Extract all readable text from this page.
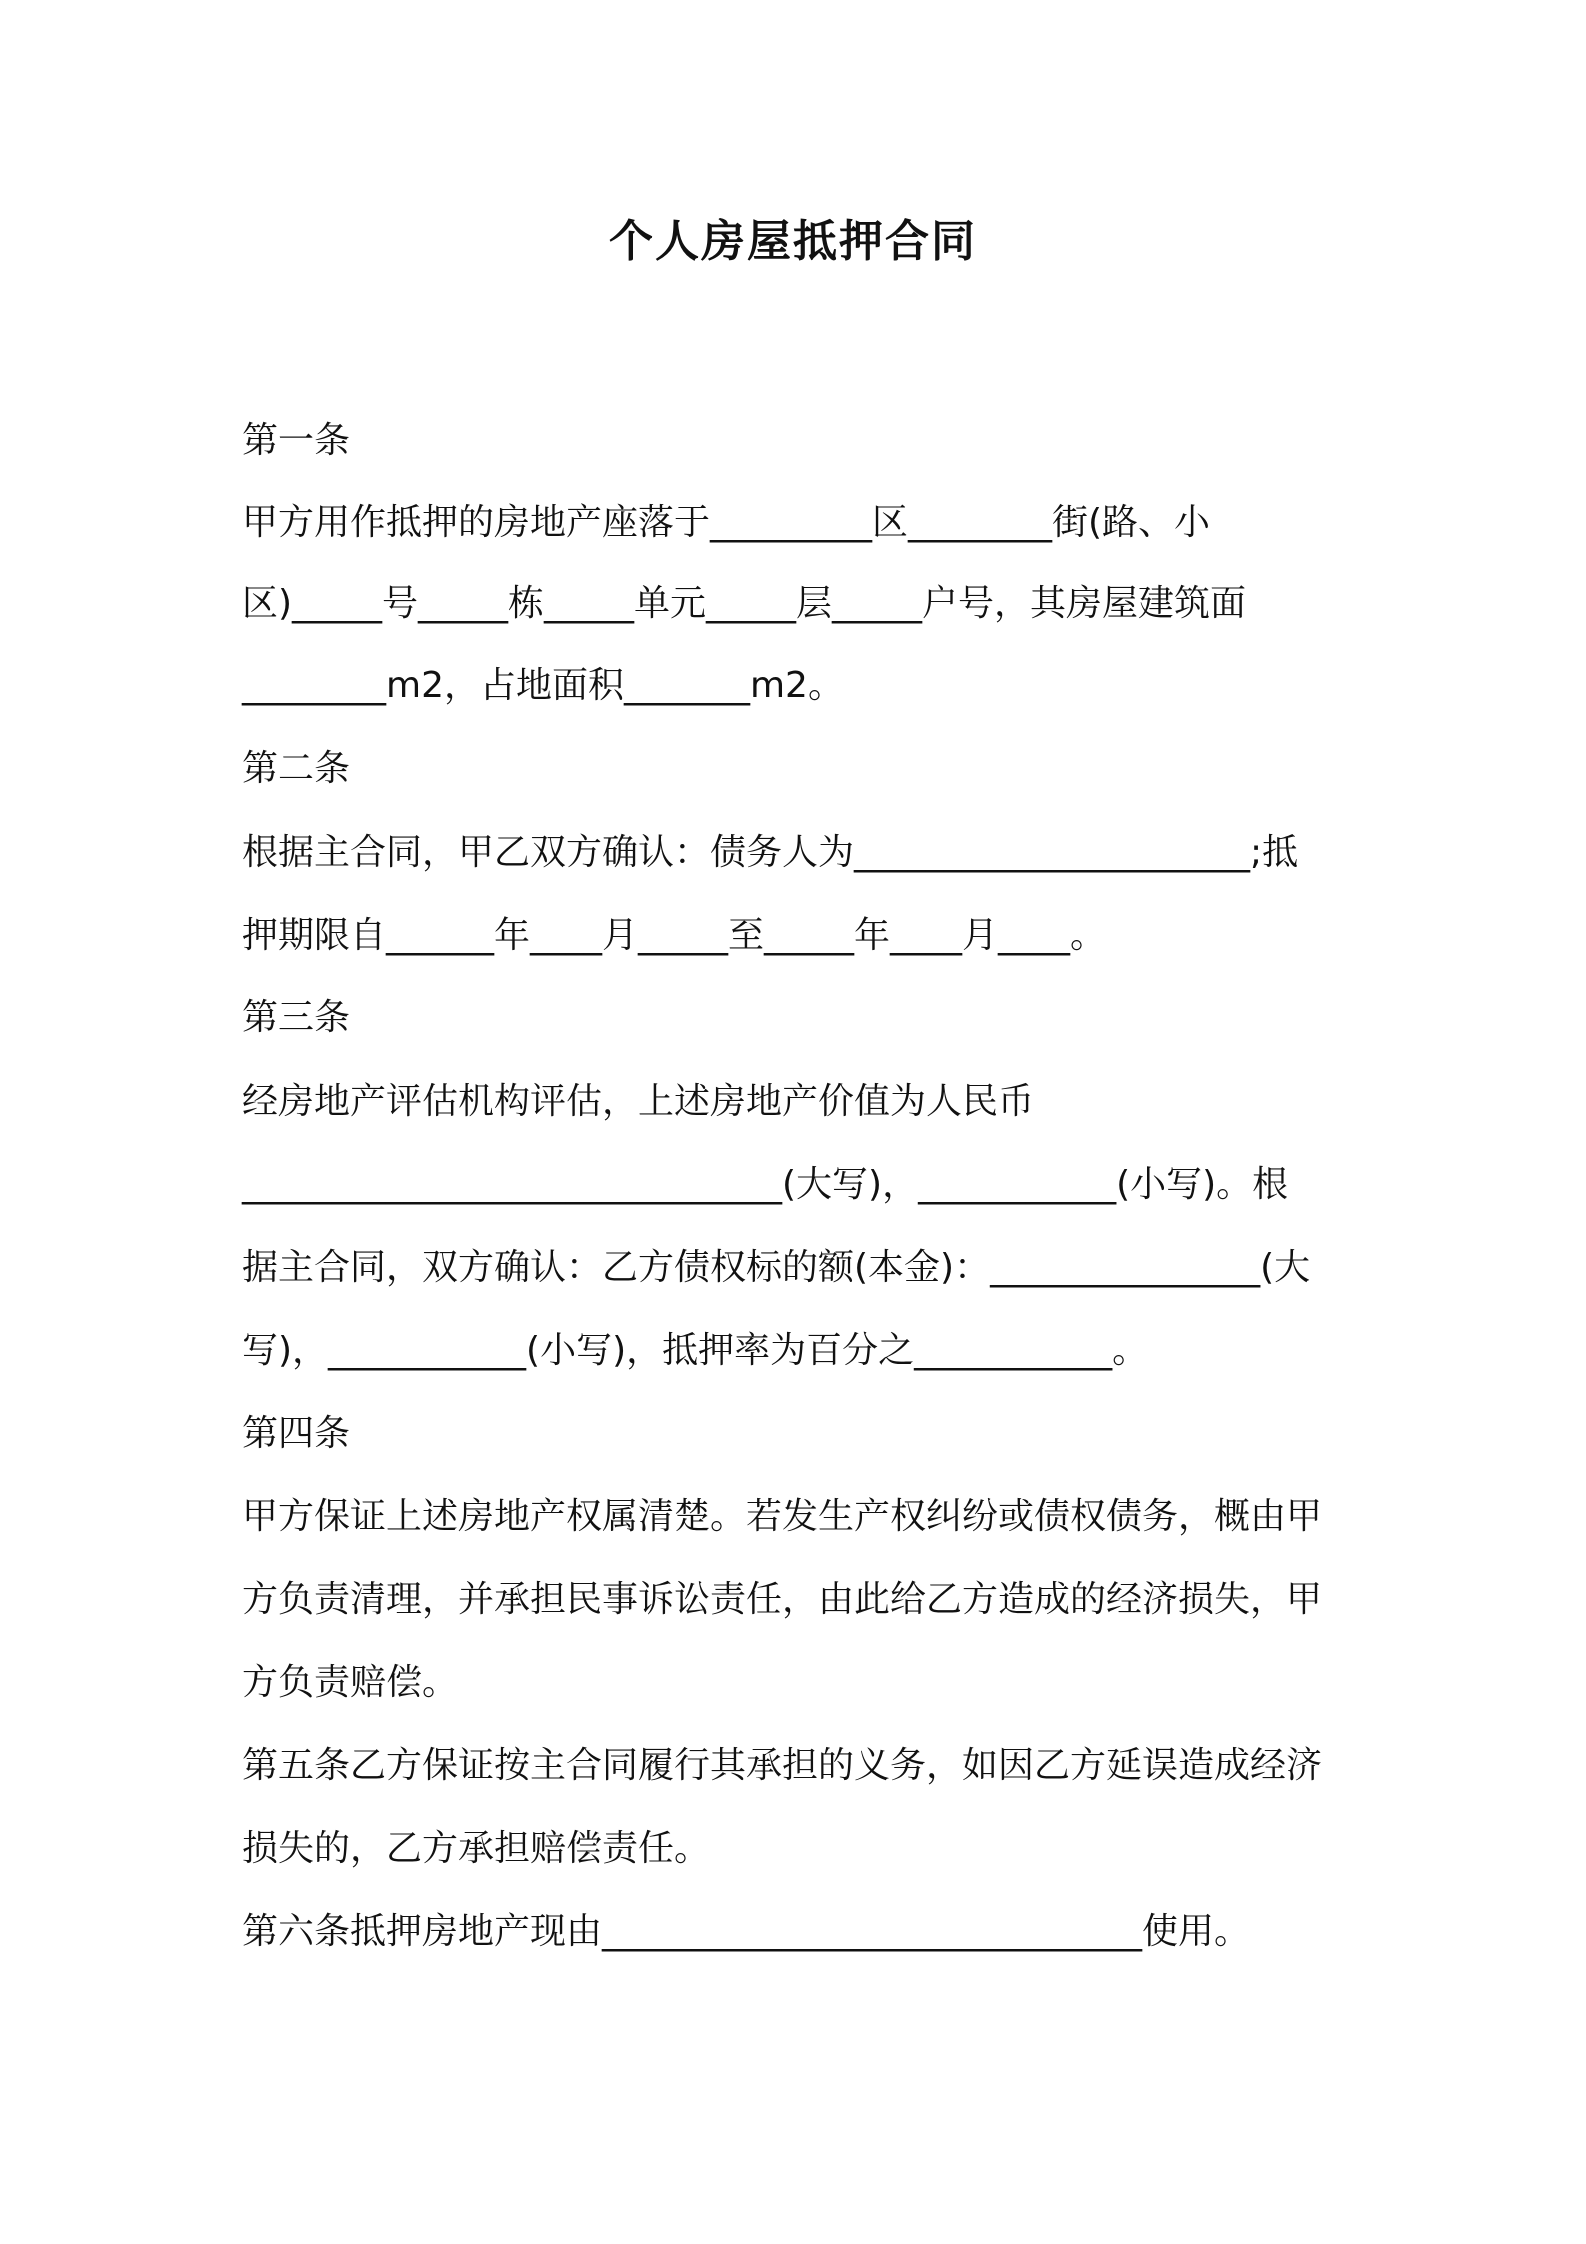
个人房屋抵押合同
第一条
甲方用作抵押的房地产座落于_________区________街(路、小
区)_____号_____栋_____单元_____层_____户号，其房屋建筑面
________m2，占地面积_______m2。
第二条
根据主合同，甲乙双方确认：债务人为______________________;抵
押期限自______年____月_____至_____年____月____。
第三条
经房地产评估机构评估，上述房地产价值为人民币
______________________________(大写)，___________(小写)。根
据主合同，双方确认：乙方债权标的额(本金)：_______________(大
写)，___________(小写)，抵押率为百分之___________。
第四条
甲方保证上述房地产权属清楚。若发生产权纠纷或债权债务，概由甲
方负责清理，并承担民事诉讼责任，由此给乙方造成的经济损失，甲
方负责赔偿。
第五条乙方保证按主合同履行其承担的义务，如因乙方延误造成经济
损失的，乙方承担赔偿责任。
第六条抵押房地产现由______________________________使用。
